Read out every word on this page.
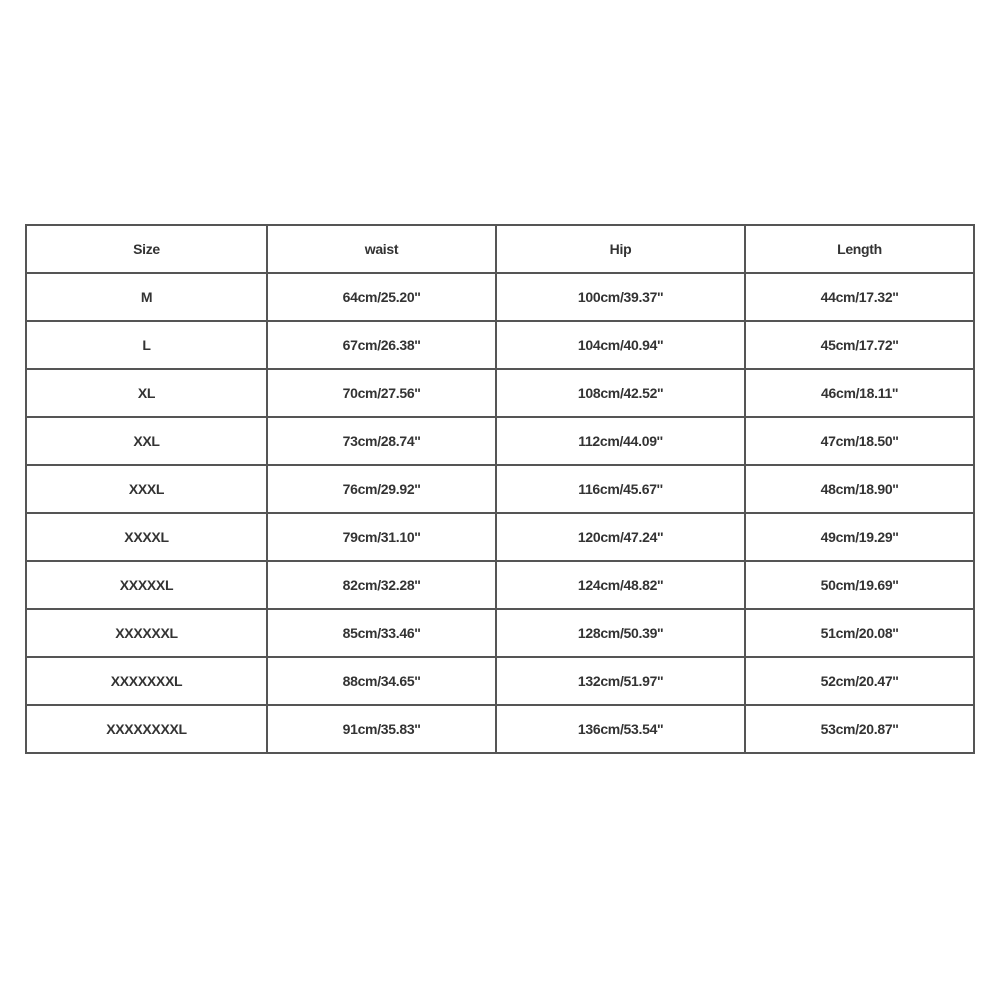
Size	waist	Hip	Length
M	64cm/25.20''	100cm/39.37''	44cm/17.32''
L	67cm/26.38''	104cm/40.94''	45cm/17.72''
XL	70cm/27.56''	108cm/42.52''	46cm/18.11''
XXL	73cm/28.74''	112cm/44.09''	47cm/18.50''
XXXL	76cm/29.92''	116cm/45.67''	48cm/18.90''
XXXXL	79cm/31.10''	120cm/47.24''	49cm/19.29''
XXXXXL	82cm/32.28''	124cm/48.82''	50cm/19.69''
XXXXXXL	85cm/33.46''	128cm/50.39''	51cm/20.08''
XXXXXXXL	88cm/34.65''	132cm/51.97''	52cm/20.47''
XXXXXXXXL	91cm/35.83''	136cm/53.54''	53cm/20.87''
